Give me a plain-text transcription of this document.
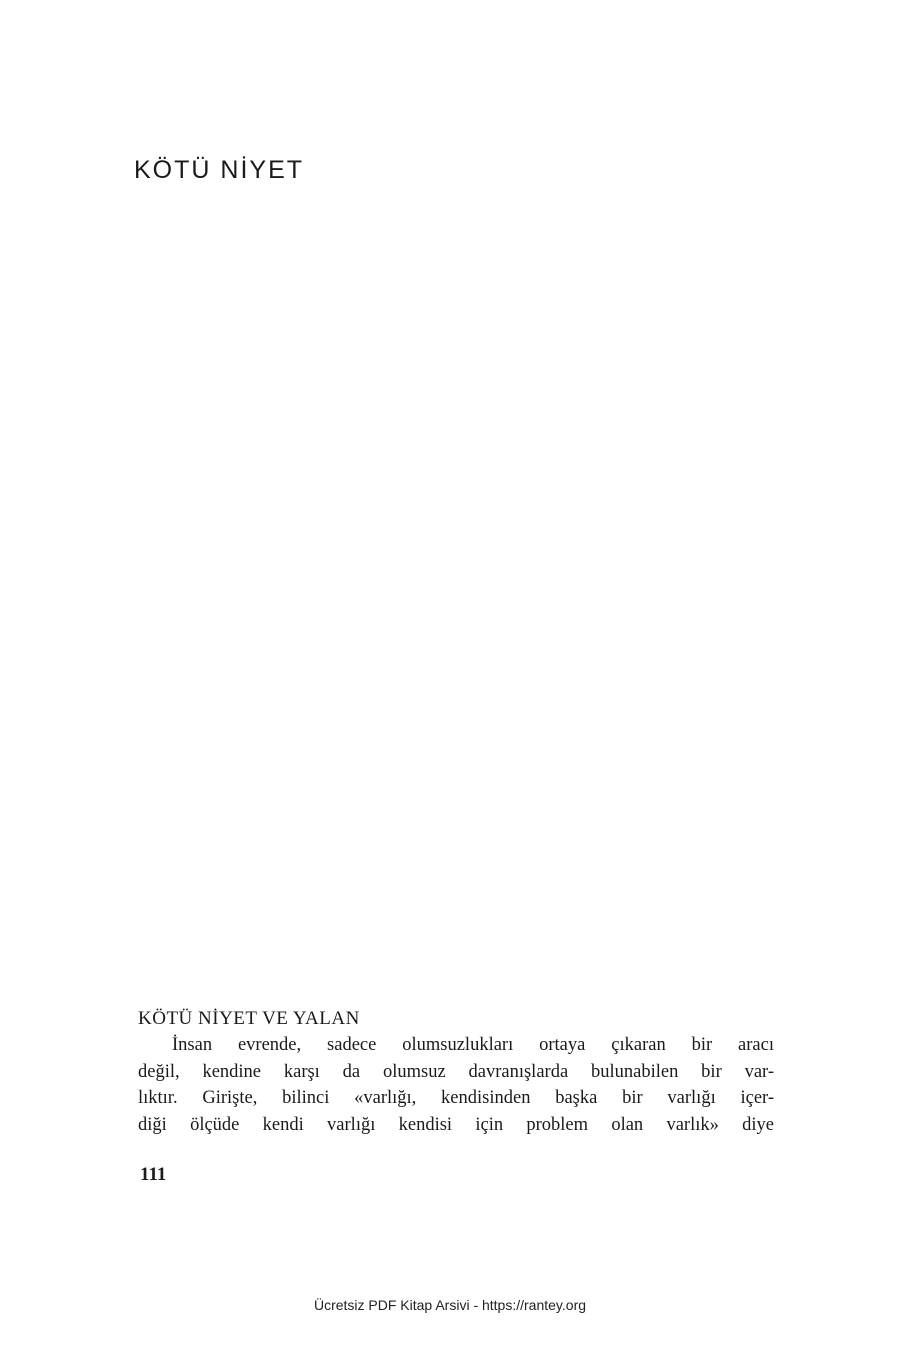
KÖTÜ NİYET
KÖTÜ NİYET VE YALAN

İnsan evrende, sadece olumsuzlukları ortaya çıkaran bir aracı
değil, kendine karşı da olumsuz davranışlarda bulunabilen bir var-
lıktır. Girişte, bilinci «varlığı, kendisinden başka bir varlığı içer-
diği ölçüde kendi varlığı kendisi için problem olan varlık» diye

111

Ücretsiz PDF Kitap Arsivi - https://rantey.org
